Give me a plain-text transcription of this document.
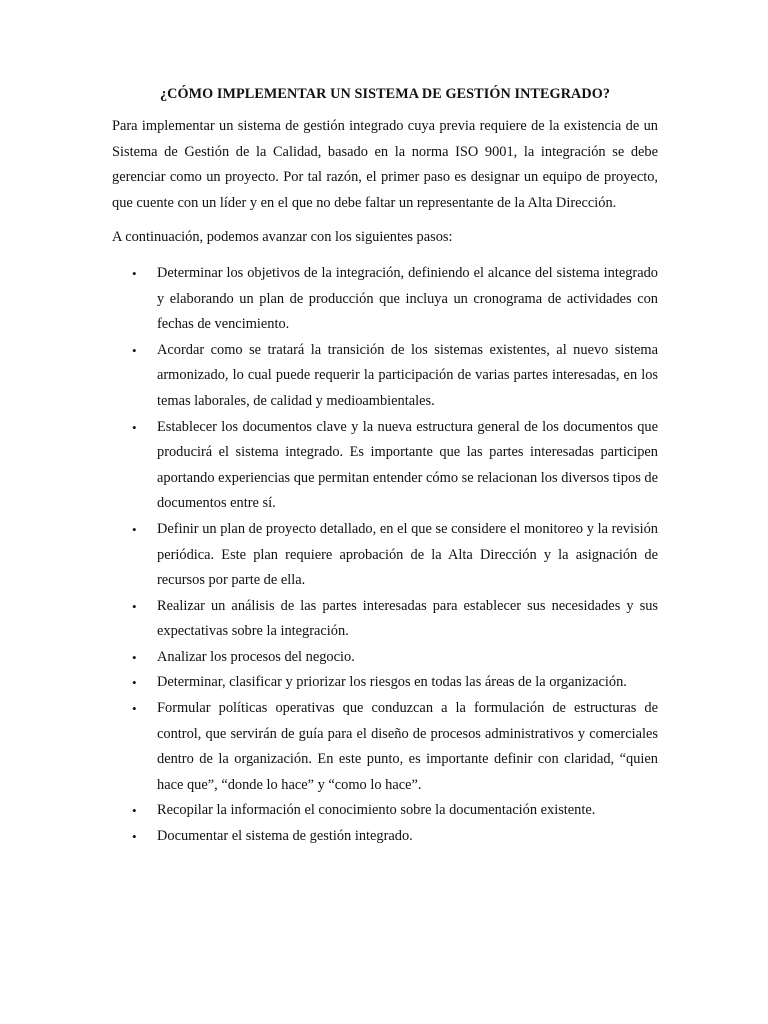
¿CÓMO IMPLEMENTAR UN SISTEMA DE GESTIÓN INTEGRADO?

Para implementar un sistema de gestión integrado cuya previa requiere de la existencia de un Sistema de Gestión de la Calidad, basado en la norma ISO 9001, la integración se debe gerenciar como un proyecto. Por tal razón, el primer paso es designar un equipo de proyecto, que cuente con un líder y en el que no debe faltar un representante de la Alta Dirección.

A continuación, podemos avanzar con los siguientes pasos:

• Determinar los objetivos de la integración, definiendo el alcance del sistema integrado y elaborando un plan de producción que incluya un cronograma de actividades con fechas de vencimiento.
• Acordar como se tratará la transición de los sistemas existentes, al nuevo sistema armonizado, lo cual puede requerir la participación de varias partes interesadas, en los temas laborales, de calidad y medioambientales.
• Establecer los documentos clave y la nueva estructura general de los documentos que producirá el sistema integrado. Es importante que las partes interesadas participen aportando experiencias que permitan entender cómo se relacionan los diversos tipos de documentos entre sí.
• Definir un plan de proyecto detallado, en el que se considere el monitoreo y la revisión periódica. Este plan requiere aprobación de la Alta Dirección y la asignación de recursos por parte de ella.
• Realizar un análisis de las partes interesadas para establecer sus necesidades y sus expectativas sobre la integración.
• Analizar los procesos del negocio.
• Determinar, clasificar y priorizar los riesgos en todas las áreas de la organización.
• Formular políticas operativas que conduzcan a la formulación de estructuras de control, que servirán de guía para el diseño de procesos administrativos y comerciales dentro de la organización. En este punto, es importante definir con claridad, “quien hace que”, “donde lo hace” y “como lo hace”.
• Recopilar la información el conocimiento sobre la documentación existente.
• Documentar el sistema de gestión integrado.
